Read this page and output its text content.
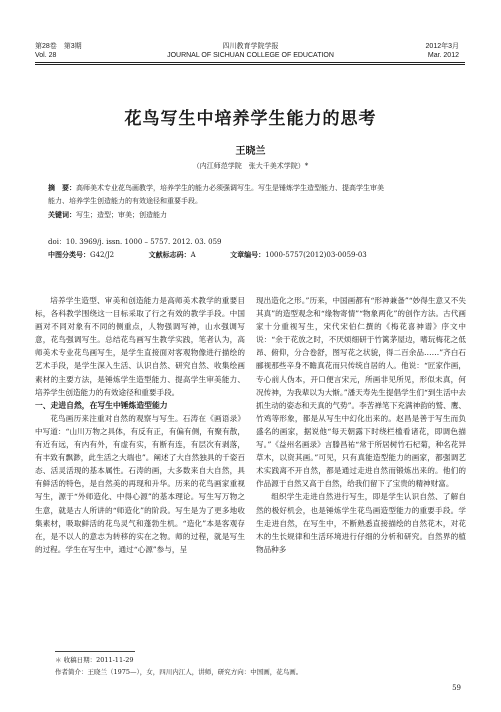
第28卷　第3期
Vol. 28
四川教育学院学报
JOURNAL OF SICHUAN COLLEGE OF EDUCATION
2012年3月
Mar. 2012
花鸟写生中培养学生能力的思考
王晓兰
（内江师范学院　张大千美术学院）*
摘　要：高师美术专业花鸟画教学，培养学生的能力必须强调写生。写生是锤炼学生造型能力、提高学生审美
能力、培养学生创造能力的有效途径和重要手段。
关键词：写生；造型；审美；创造能力
doi：10. 3969/j. issn. 1000 – 5757. 2012. 03. 059
中图分类号：G42/J2	文献标志码：A	文章编号：1000-5757(2012)03-0059-03

培养学生造型、审美和创造能力是高师美术教学的重要目标，各科教学围绕这一目标采取了行之有效的教学手段。中国画对不同对象有不同的侧重点，人物强调写神，山水强调写意，花鸟强调写生。总结花鸟画写生教学实践，笔者认为，高师美术专业花鸟画写生，是学生直接面对客观物像进行描绘的艺术手段，是学生深入生活、认识自然、研究自然、收集绘画素材的主要方法，是锤炼学生造型能力、提高学生审美能力、培养学生创造能力的有效途径和重要手段。

一、走进自然，在写生中锤炼造型能力

花鸟画历来注重对自然的观察与写生。石涛在《画语录》中写道：“山川万物之具体，有反有正，有偏有侧，有聚有散，有近有远，有内有外，有虚有实，有断有连，有层次有剥落，有丰致有飘渺，此生活之大端也”。阐述了大自然独具的千姿百态、活灵活现的基本属性。石涛的画，大多数来自大自然，具有鲜活的特色，是自然美的再现和升华。历来的花鸟画家重视写生，源于“外师造化、中得心源”的基本理论。写生写万物之生意，就是古人所讲的“师造化”的阶段。写生是为了更多地收集素材，吸取鲜活的花鸟灵气和蓬勃生机。“造化”本是客观存在，是不以人的意志为转移的实在之物。师的过程，就是写生的过程。学生在写生中，通过“心源”参与，呈

现出造化之形。”历来，中国画都有“形神兼备”“妙得生意又不失其真”的造型观念和“缘物寄情”“物象两化”的创作方法。古代画家十分重视写生，宋代宋伯仁撰的《梅花喜神谱》序文中说：“余于花放之时，不厌烦细研于竹篱茅屋边，嗜玩梅花之低昂、俯仰，分合卷舒，图写花之状貌，得二百余品……”齐白石郦视那些辛身不瞻真花而只传统自居的人。他说：“匠家作画，专心前人伪本，开口便言宋元，所画非见所见，形似未真，何况传神，为我辈以为大惭。”潘天寿先生提倡学生们“到生活中去抓生动的姿态和天真的气势”。李苦禅笔下充满神韵的鹫、鹰、竹鸡等形象，都是从写生中幻化出来的。赵昌是善于写生而负盛名的画家，据说他“每天朝露下时绕栏槛看诸花，即调色描写。”《益州名画录》言滕昌祐“常于所居树竹石杞菊，种名花异草木，以资其画。”可见，只有真能造型能力的画家，都强调艺术实践离不开自然，都是通过走进自然而锻炼出来的。他们的作品源于自然又高于自然，给我们留下了宝贵的精神财富。

组织学生走进自然进行写生，即是学生认识自然、了解自然的极好机会，也是锤炼学生花鸟画造型能力的重要手段。学生走进自然，在写生中，不断熟悉直接描绘的自然花木，对花木的生长规律和生活环境进行仔细的分析和研究。自然界的植物品种多

＊ 收稿日期：2011-11-29
作者简介：王晓兰（1975—），女，四川内江人，讲师，研究方向：中国画，花鸟画。
59
